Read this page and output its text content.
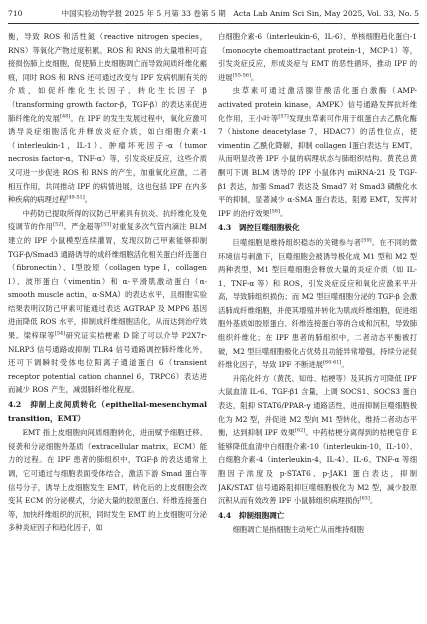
710	中国实验动物学报 2025 年 5 月第 33 卷第 5 期　Acta Lab Anim Sci Sin, May 2025, Vol. 33, No. 5

衡，导致 ROS 和活性氮（reactive nitrogen species，RNS）等氧化产物过度积累。ROS 和 RNS 的大量堆积可直接损伤肺上皮细胞，促使肺上皮细胞凋亡而导致间质纤维化瘢痕，同时 ROS 和 RNS 还可通过改变与 IPF 发病机制有关的介质，如促纤维化生长因子、转化生长因子 β（transforming growth factor-β，TGF-β）的表达来促进肺纤维化的发展[48]。在 IPF 的发生发展过程中，氧化应激可诱导炎症细胞活化并释放炎症介质，如白细胞介素-1（interleukin-1，IL-1）、肿瘤坏死因子-α（tumor necrosis factor-α，TNF-α）等，引发炎症反应，这些介质又可进一步促进 ROS 和 RNS 的产生，加重氧化应激，二者相互作用，共同推动 IPF 的病情进展，这也包括 IPF 在内多种疾病的病理过程[49-51]。

中药防已提取所得的汉防己甲素具有抗炎、抗纤维化及免疫调节的作用[52]。严金超等[53]对重复多次气管内滴注 BLM 建立的 IPF 小鼠模型连续灌胃，发现汉防己甲素能够抑制 TGF-β/Smad3 通路诱导的成纤维细胞活化相关蛋白纤连蛋白（fibronectin）、Ⅰ型胶原（collagen type Ⅰ，collagen Ⅰ）、波形蛋白（vimentin）和 α-平滑肌激动蛋白（α-smooth muscle actin，α-SMA）的表达水平，且细胞实验结果表明汉防己甲素可能通过表达 AGTRAP 及 MPP6 基因进而降低 ROS 水平，抑制成纤维细胞活化，从而达到治疗效果。梁梓琛等[54]研究证实桔梗素 D 除了可以介导 P2X7r-NLRP3 信号通路或抑制 TLR4 信号通路调控肺纤维化外，还可下调瞬时受体电位阳离子通道蛋白 6（transient receptor potential cation channel 6，TRPC6）表达进而减少 ROS 产生，减弱肺纤维化程度。

4.2　抑制上皮间质转化（epithelial-mesenchymal transition，EMT）

EMT 指上皮细胞向间质细胞转化，进而赋予细胞迁移、侵袭和分泌细胞外基质（extracellular matrix，ECM）能力的过程。在 IPF 患者的肺组织中，TGF-β 的表达通常上调，它可通过与细胞表面受体结合，激活下游 Smad 蛋白等信号分子，诱导上皮细胞发生 EMT，转化后的上皮细胞会改变其 ECM 的分泌模式，分泌大量的胶原蛋白、纤维连接蛋白等，加快纤维组织的沉积，同时发生 EMT 的上皮细胞可分泌多种炎症因子和趋化因子，如

白细胞介素-6（interleukin-6，IL-6）、单核细胞趋化蛋白-1（monocyte chemoattractant protein-1，MCP-1）等，引发炎症反应，形成炎症与 EMT 的恶性循环，推动 IPF 的进展[55-56]。

虫草素可通过激活腺苷酸活化蛋白激酶（AMP-activated protein kinase，AMPK）信号通路发挥抗纤维化作用，王小叶等[57]发现虫草素可作用于组蛋白去乙酰化酶 7（histone deacetylase 7，HDAC7）的活性位点，使 vimentin 乙酰化降解，抑制 collagen Ⅰ蛋白表达与 EMT，从而明显改善 IPF 小鼠的病理状态与肺组织结构。黄芪总黄酮可下调 BLM 诱导的 IPF 小鼠体内 miRNA-21 及 TGF-β1 表达，加强 Smad7 表达及 Smad7 对 Smad3 磷酸化水平的抑制，显著减少 α-SMA 蛋白表达，阻遏 EMT，发挥对 IPF 的治疗效果[58]。

4.3　调控巨噬细胞极化

巨噬细胞是维持组织稳态的关键参与者[59]。在不同的微环境信号刺激下，巨噬细胞会被诱导极化成 M1 型和 M2 型两种表型，M1 型巨噬细胞会释放大量的炎症介质（如 IL-1、TNF-α 等）和 ROS，引发炎症反应和氧化应激来平升高，导致肺组织损伤；而 M2 型巨噬细胞分泌的 TGF-β 会激活肺成纤维细胞，并使其增殖并转化为肌成纤维细胞，促进细胞外基质如胶原蛋白、纤维连接蛋白等的合成和沉积，导致肺组织纤维化；在 IPF 患者的肺组织中，二者动态平衡被打破，M2 型巨噬细胞极化占优势且功能异常增强，持续分泌促纤维化因子，导致 IPF 不断进展[60-61]。

升陷化纤方（黄芪、知母、桔梗等）及其拆方可降低 IPF 大鼠血清 IL-6、TGF-β1 含量，上调 SOCS1、SOCS3 蛋白表达，阻抑 STAT6/PPAR-γ 通路活性，进而抑制巨噬细胞极化为 M2 型，并促进 M2 型向 M1 型转化，维持二者动态平衡，达到抑制 IPF 效果[62]。中药桔梗分离得到的桔梗皂苷 E 能够降低血清中白细胞介素-10（interleukin-10，IL-10）、白细胞介素-4（interleukin-4，IL-4）、IL-6、TNF-α 等细胞因子浓度及 p-STAT6、p-JAK1 蛋白表达，抑制 JAK/STAT 信号通路阻抑巨噬细胞极化为 M2 型，减少胶原沉积从而有效改善 IPF 小鼠肺组织病理损伤[63]。

4.4　抑制细胞凋亡

细胞凋亡是指细胞主动死亡从而维持细胞
